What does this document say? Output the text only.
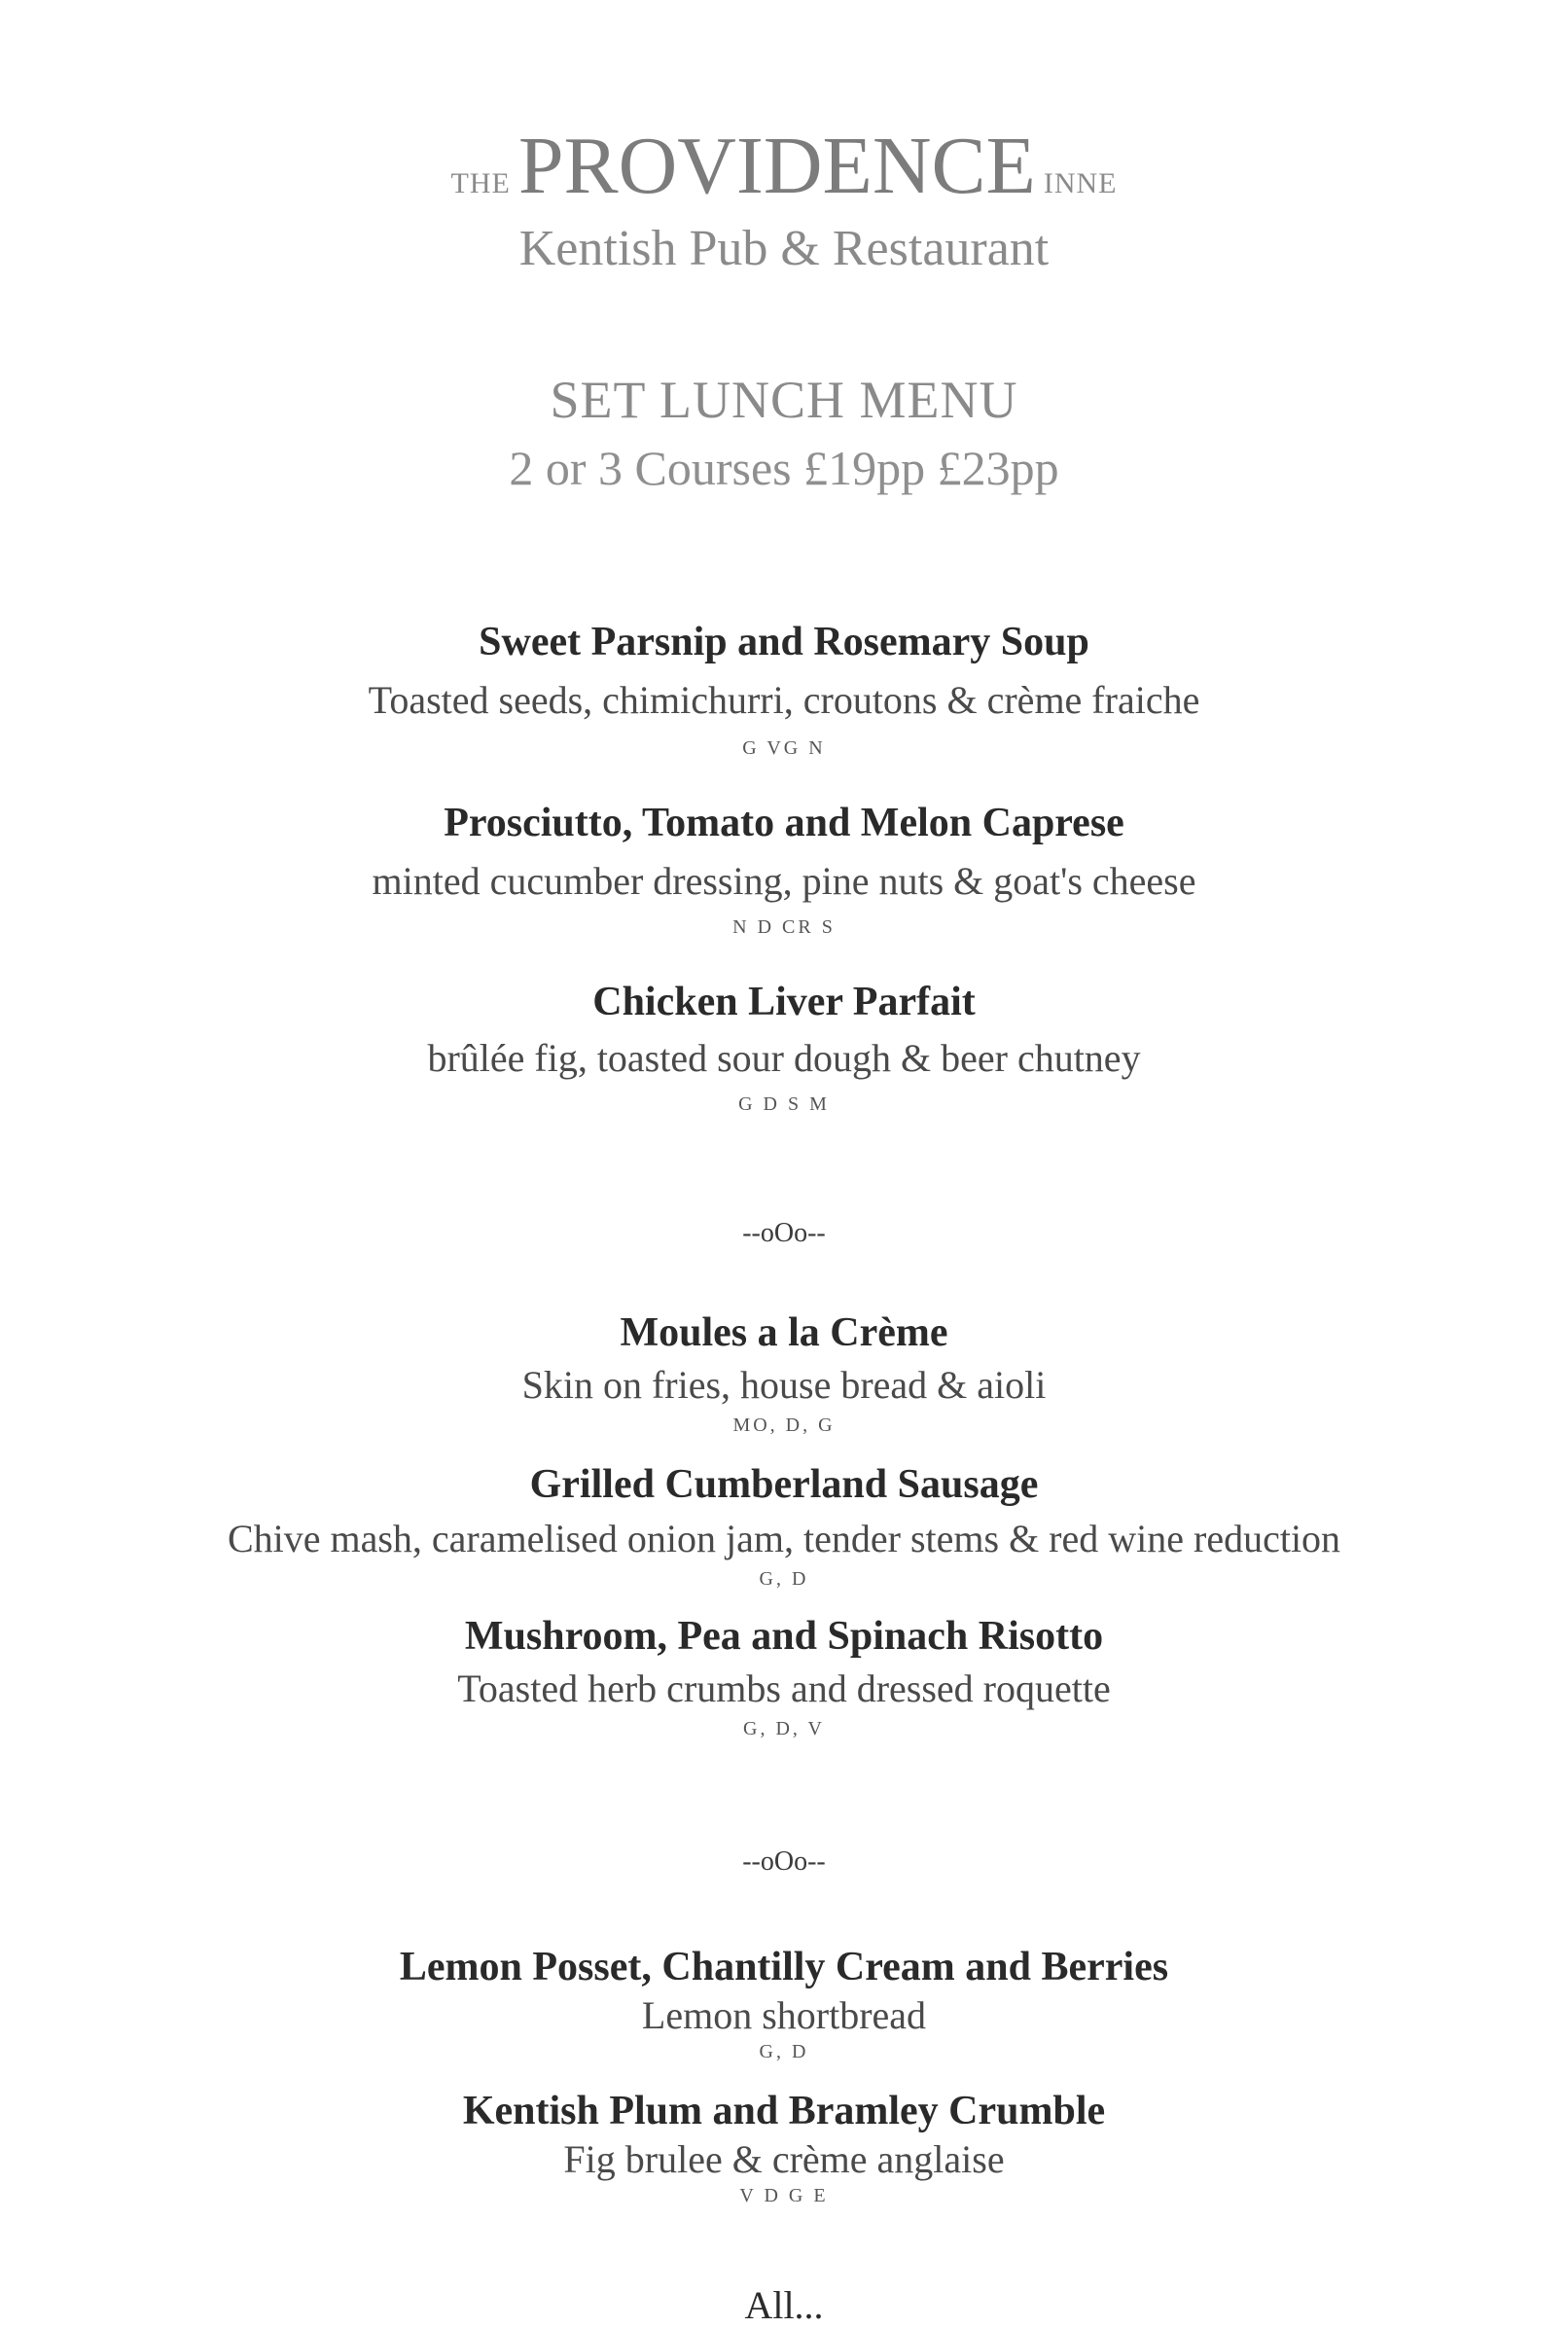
THEPROVIDENCE INNE
Kentish Pub & Restaurant
SET LUNCH MENU
2 or 3 Courses £19pp £23pp
Sweet Parsnip and Rosemary Soup
Toasted seeds, chimichurri, croutons & crème fraiche
G VG N
Prosciutto, Tomato and Melon Caprese
minted cucumber dressing, pine nuts & goat's cheese
N D CR S
Chicken Liver Parfait
brûlée fig, toasted sour dough & beer chutney
G D S M
--oOo--
Moules a la Crème
Skin on fries, house bread & aioli
MO, D, G
Grilled Cumberland Sausage
Chive mash, caramelised onion jam, tender stems & red wine reduction
G, D
Mushroom, Pea and Spinach Risotto
Toasted herb crumbs and dressed roquette
G, D, V
--oOo--
Lemon Posset, Chantilly Cream and Berries
Lemon shortbread
G, D
Kentish Plum and Bramley Crumble
Fig brulee & crème anglaise
V D G E
All...
